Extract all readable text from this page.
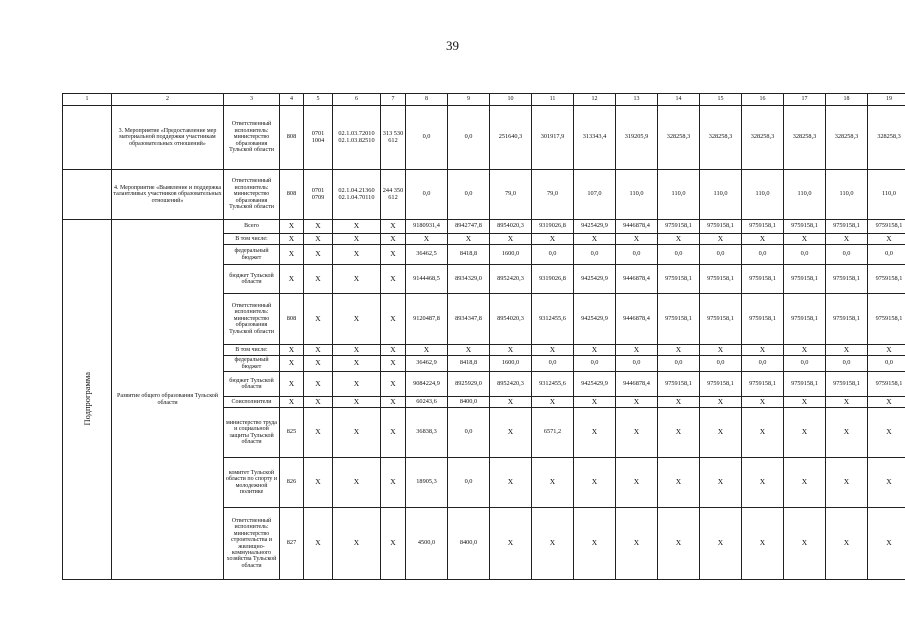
39
1	2	3	4	5	6	7	8	9	10	11	12	13	14	15	16	17	18	19
	3. Мероприятие «Предоставление мер материальной поддержки участникам образовательных отношений»	Ответственный исполнитель: министерство образования Тульской области	808	0701 1004	02.1.03.72010 02.1.03.82510	313 530 612	0,0	0,0	251640,3	301917,9	313343,4	319205,9	328258,3	328258,3	328258,3	328258,3	328258,3	328258,3
	4. Мероприятие «Выявление и поддержка талантливых участников образовательных отношений»	Ответственный исполнитель: министерство образования Тульской области	808	0701 0709	02.1.04.21360 02.1.04.70110	244 350 612	0,0	0,0	79,0	79,0	107,0	110,0	110,0	110,0	110,0	110,0	110,0	110,0
Подпрограмма	Развитие общего образования Тульской области	Всего	X	X	X	X	9180931,4	8942747,8	8954020,3	9319026,8	9425429,9	9446878,4	9759158,1	9759158,1	9759158,1	9759158,1	9759158,1	9759158,1
		В том числе:	X	X	X	X	X	X	X	X	X	X	X	X	X	X	X	X
		федеральный бюджет	X	X	X	X	36462,5	8418,8	1600,0	0,0	0,0	0,0	0,0	0,0	0,0	0,0	0,0	0,0
		бюджет Тульской области	X	X	X	X	9144468,5	8934329,0	8952420,3	9319026,8	9425429,9	9446878,4	9759158,1	9759158,1	9759158,1	9759158,1	9759158,1	9759158,1
		Ответственный исполнитель: министерство образования Тульской области	808	X	X	X	9120487,8	8934347,8	8954020,3	9312455,6	9425429,9	9446878,4	9759158,1	9759158,1	9759158,1	9759158,1	9759158,1	9759158,1
		В том числе:	X	X	X	X	X	X	X	X	X	X	X	X	X	X	X	X
		федеральный бюджет	X	X	X	X	36462,9	8418,8	1600,0	0,0	0,0	0,0	0,0	0,0	0,0	0,0	0,0	0,0
		бюджет Тульской области	X	X	X	X	9084224,9	8925929,0	8952420,3	9312455,6	9425429,9	9446878,4	9759158,1	9759158,1	9759158,1	9759158,1	9759158,1	9759158,1
		Соисполнители	X	X	X	X	60243,6	8400,0	X	X	X	X	X	X	X	X	X	X
		министерство труда и социальной защиты Тульской области	825	X	X	X	36838,3	0,0	X	6571,2	X	X	X	X	X	X	X	X
		комитет Тульской области по спорту и молодежной политике	826	X	X	X	18905,3	0,0	X	X	X	X	X	X	X	X	X	X
		Ответственный исполнитель: министерство строительства и жилищно-коммунального хозяйства Тульской области	827	X	X	X	4500,0	8400,0	X	X	X	X	X	X	X	X	X	X
